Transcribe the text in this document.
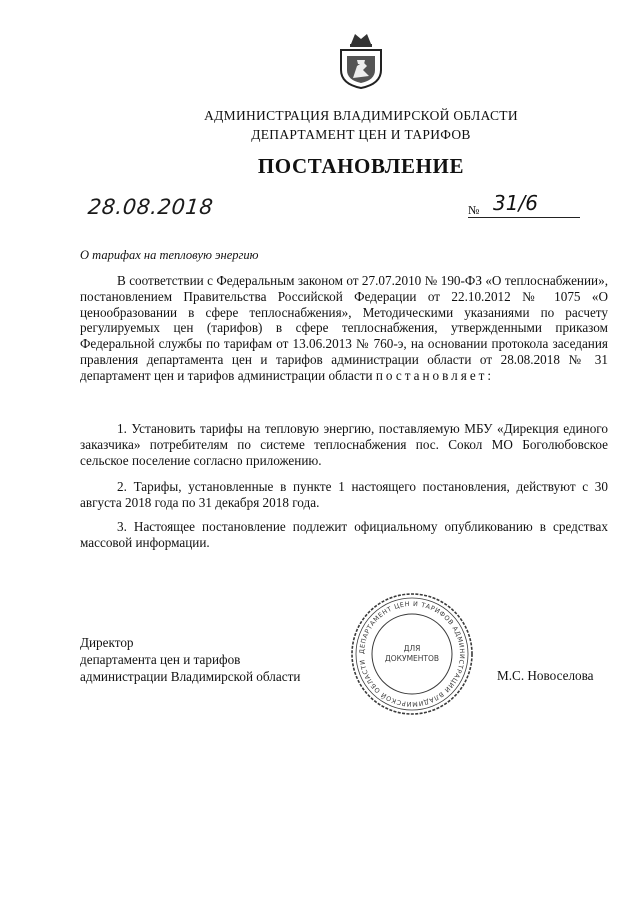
АДМИНИСТРАЦИЯ ВЛАДИМИРСКОЙ ОБЛАСТИ
ДЕПАРТАМЕНТ ЦЕН И ТАРИФОВ
ПОСТАНОВЛЕНИЕ
28.08.2018	№ 31/6
О тарифах на тепловую энергию

В соответствии с Федеральным законом от 27.07.2010 № 190-ФЗ «О теплоснабжении», постановлением Правительства Российской Федерации от 22.10.2012 № 1075 «О ценообразовании в сфере теплоснабжения», Методическими указаниями по расчету регулируемых цен (тарифов) в сфере теплоснабжения, утвержденными приказом Федеральной службы по тарифам от 13.06.2013 № 760-э, на основании протокола заседания правления департамента цен и тарифов администрации области от 28.08.2018 № 31 департамент цен и тарифов администрации области постановляет:

1. Установить тарифы на тепловую энергию, поставляемую МБУ «Дирекция единого заказчика» потребителям по системе теплоснабжения пос. Сокол МО Боголюбовское сельское поселение согласно приложению.

2. Тарифы, установленные в пункте 1 настоящего постановления, действуют с 30 августа 2018 года по 31 декабря 2018 года.

3. Настоящее постановление подлежит официальному опубликованию в средствах массовой информации.

Директор
департамента цен и тарифов
администрации Владимирской области	М.С. Новоселова
ДЕПАРТАМЕНТ ЦЕН И ТАРИФОВ АДМИНИСТРАЦИИ ВЛАДИМИРСКОЙ ОБЛАСТИ
ДЛЯ
ДОКУМЕНТОВ
